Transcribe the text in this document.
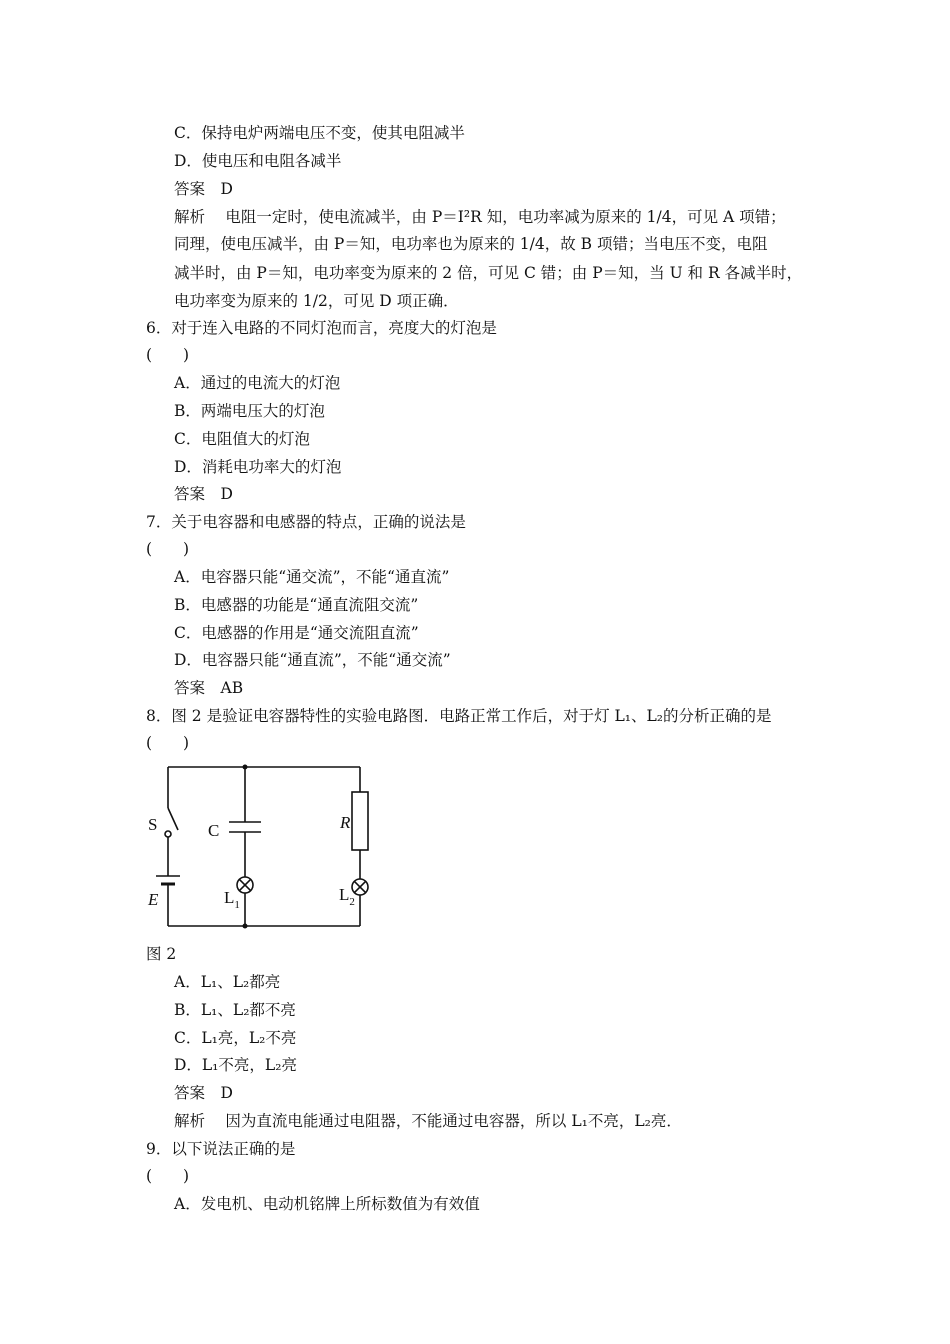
C．保持电炉两端电压不变，使其电阻减半
D．使电压和电阻各减半
答案　D
解析　 电阻一定时，使电流减半，由 P＝I²R 知，电功率减为原来的 1/4，可见 A 项错；
同理，使电压减半，由 P＝知，电功率也为原来的 1/4，故 B 项错；当电压不变，电阻
减半时，由 P＝知，电功率变为原来的 2 倍，可见 C 错；由 P＝知，当 U 和 R 各减半时，
电功率变为原来的 1/2，可见 D 项正确．
6．对于连入电路的不同灯泡而言，亮度大的灯泡是
(　　)
A．通过的电流大的灯泡
B．两端电压大的灯泡
C．电阻值大的灯泡
D．消耗电功率大的灯泡
答案　D
7．关于电容器和电感器的特点，正确的说法是
(　　)
A．电容器只能“通交流”，不能“通直流”
B．电感器的功能是“通直流阻交流”
C．电感器的作用是“通交流阻直流”
D．电容器只能“通直流”，不能“通交流”
答案　AB
8．图 2 是验证电容器特性的实验电路图．电路正常工作后，对于灯 L₁、L₂的分析正确的是
(　　)
S	C	R
E	$L_1$
$L_2$
图 2
A．L₁、L₂都亮
B．L₁、L₂都不亮
C．L₁亮，L₂不亮
D．L₁不亮，L₂亮
答案　D
解析　 因为直流电能通过电阻器，不能通过电容器，所以 L₁不亮，L₂亮．
9．以下说法正确的是
(　　)
A．发电机、电动机铭牌上所标数值为有效值
